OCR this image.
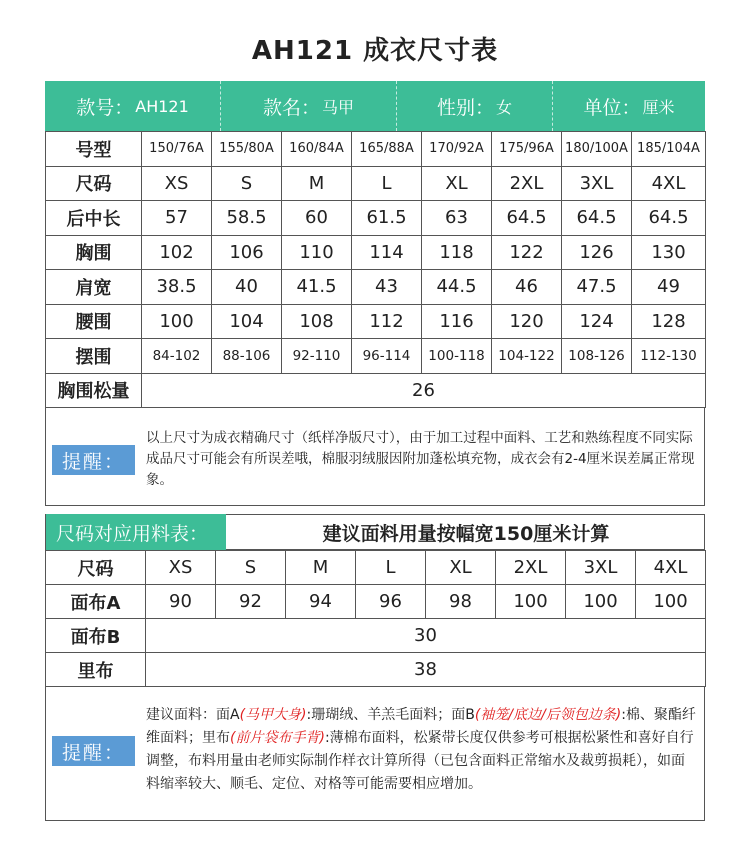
AH121 成衣尺寸表
款号： AH121	款名： 马甲	性别： 女	单位： 厘米
号型	150/76A	155/80A	160/84A	165/88A	170/92A	175/96A	180/100A	185/104A
尺码	XS	S	M	L	XL	2XL	3XL	4XL
后中长	57	58.5	60	61.5	63	64.5	64.5	64.5
胸围	102	106	110	114	118	122	126	130
肩宽	38.5	40	41.5	43	44.5	46	47.5	49
腰围	100	104	108	112	116	120	124	128
摆围	84-102	88-106	92-110	96-114	100-118	104-122	108-126	112-130
胸围松量	26							
提醒：
以上尺寸为成衣精确尺寸（纸样净版尺寸），由于加工过程中面料、工艺和熟练程度不同实际成品尺寸可能会有所误差哦，棉服羽绒服因附加蓬松填充物，成衣会有2-4厘米误差属正常现象。
尺码对应用料表：	建议面料用量按幅宽150厘米计算
尺码	XS	S	M	L	XL	2XL	3XL	4XL
面布A	90	92	94	96	98	100	100	100
面布B	30							
里布	38							
提醒：
建议面料：面A(马甲大身):珊瑚绒、羊羔毛面料；面B(袖笼/底边/后领包边条):棉、聚酯纤维面料；里布(前片袋布手背):薄棉布面料，松紧带长度仅供参考可根据松紧性和喜好自行调整，布料用量由老师实际制作样衣计算所得（已包含面料正常缩水及裁剪损耗），如面料缩率较大、顺毛、定位、对格等可能需要相应增加。
